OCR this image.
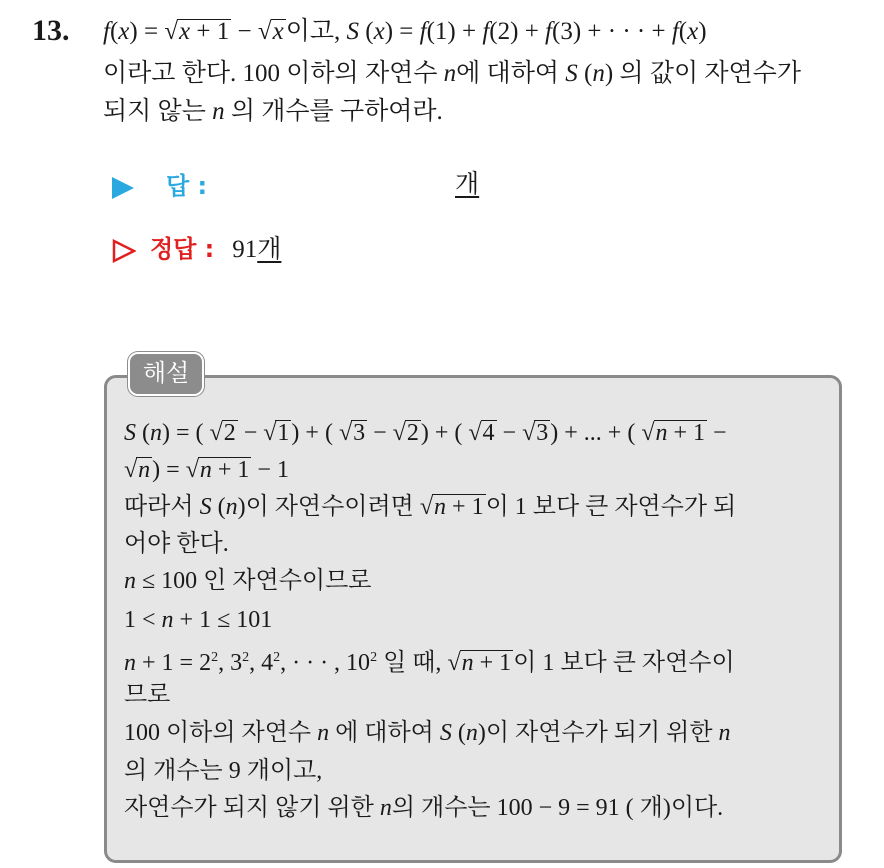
13. f(x) = √x + 1 − √x이고, S (x) = f(1) + f(2) + f(3) + · · · + f(x)
이라고 한다. 100 이하의 자연수 n에 대하여 S (n) 의 값이 자연수가
되지 않는 n 의 개수를 구하여라.
답 :	개
정답 : 91개
해설
S (n) = ( √2 − √1) + ( √3 − √2) + ( √4 − √3) + ... + ( √n + 1 −
√n) = √n + 1 − 1
따라서 S (n)이 자연수이려면 √n + 1이 1 보다 큰 자연수가 되
어야 한다.
n ≤ 100 인 자연수이므로
1 < n + 1 ≤ 101
$n + 1 = 2^2$, $3^2$, $4^2$, · · · , $10^2$ 일 때, √n + 1이 1 보다 큰 자연수이
므로
100 이하의 자연수 n 에 대하여 S (n)이 자연수가 되기 위한 n
의 개수는 9 개이고,
자연수가 되지 않기 위한 n의 개수는 100 − 9 = 91 ( 개)이다.
